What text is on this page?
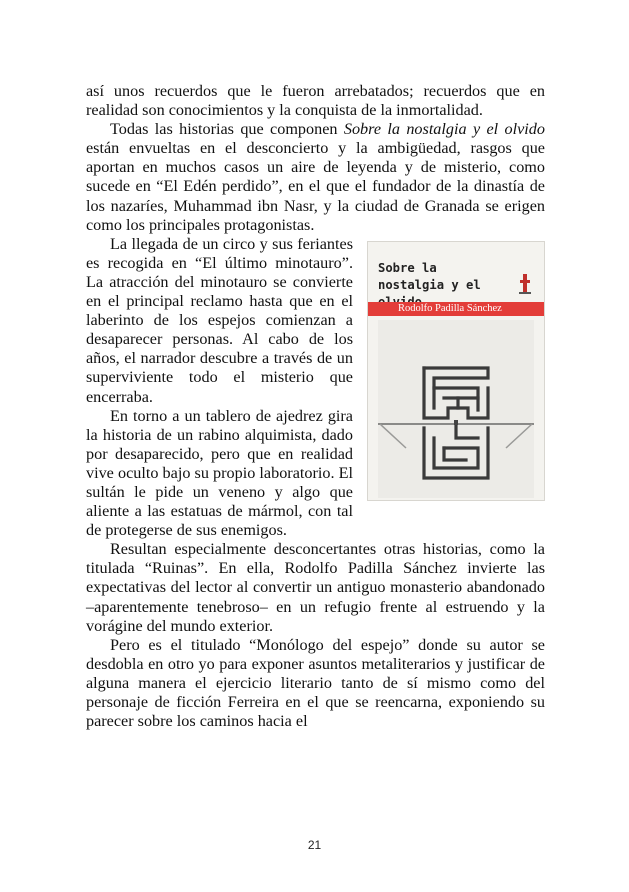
así unos recuerdos que le fueron arrebatados; recuerdos que en realidad son conocimientos y la conquista de la inmortalidad.

Todas las historias que componen Sobre la nostalgia y el olvido están envueltas en el desconcierto y la ambigüedad, rasgos que aportan en muchos casos un aire de leyenda y de misterio, como sucede en “El Edén perdido”, en el que el fundador de la dinastía de los nazaríes, Muhammad ibn Nasr, y la ciudad de Granada se erigen como los principales protagonistas.

Sobre la nostalgia y el
Rodolfo Padilla Sánchez

La llegada de un circo y sus feriantes es recogida en “El último minotauro”. La atracción del minotauro se convierte en el principal reclamo hasta que en el laberinto de los espejos comienzan a desaparecer personas. Al cabo de los años, el narrador descubre a través de un superviviente todo el misterio que encerraba.

En torno a un tablero de ajedrez gira la historia de un rabino alquimista, dado por desaparecido, pero que en realidad vive oculto bajo su propio laboratorio. El sultán le pide un veneno y algo que aliente a las estatuas de mármol, con tal de protegerse de sus enemigos.

Resultan especialmente desconcertantes otras historias, como la titulada “Ruinas”. En ella, Rodolfo Padilla Sánchez invierte las expectativas del lector al convertir un antiguo monasterio abandonado –aparentemente tenebroso– en un refugio frente al estruendo y la vorágine del mundo exterior.

Pero es el titulado “Monólogo del espejo” donde su autor se desdobla en otro yo para exponer asuntos metaliterarios y justificar de alguna manera el ejercicio literario tanto de sí mismo como del personaje de ficción Ferreira en el que se reencarna, exponiendo su parecer sobre los caminos hacia el

21
